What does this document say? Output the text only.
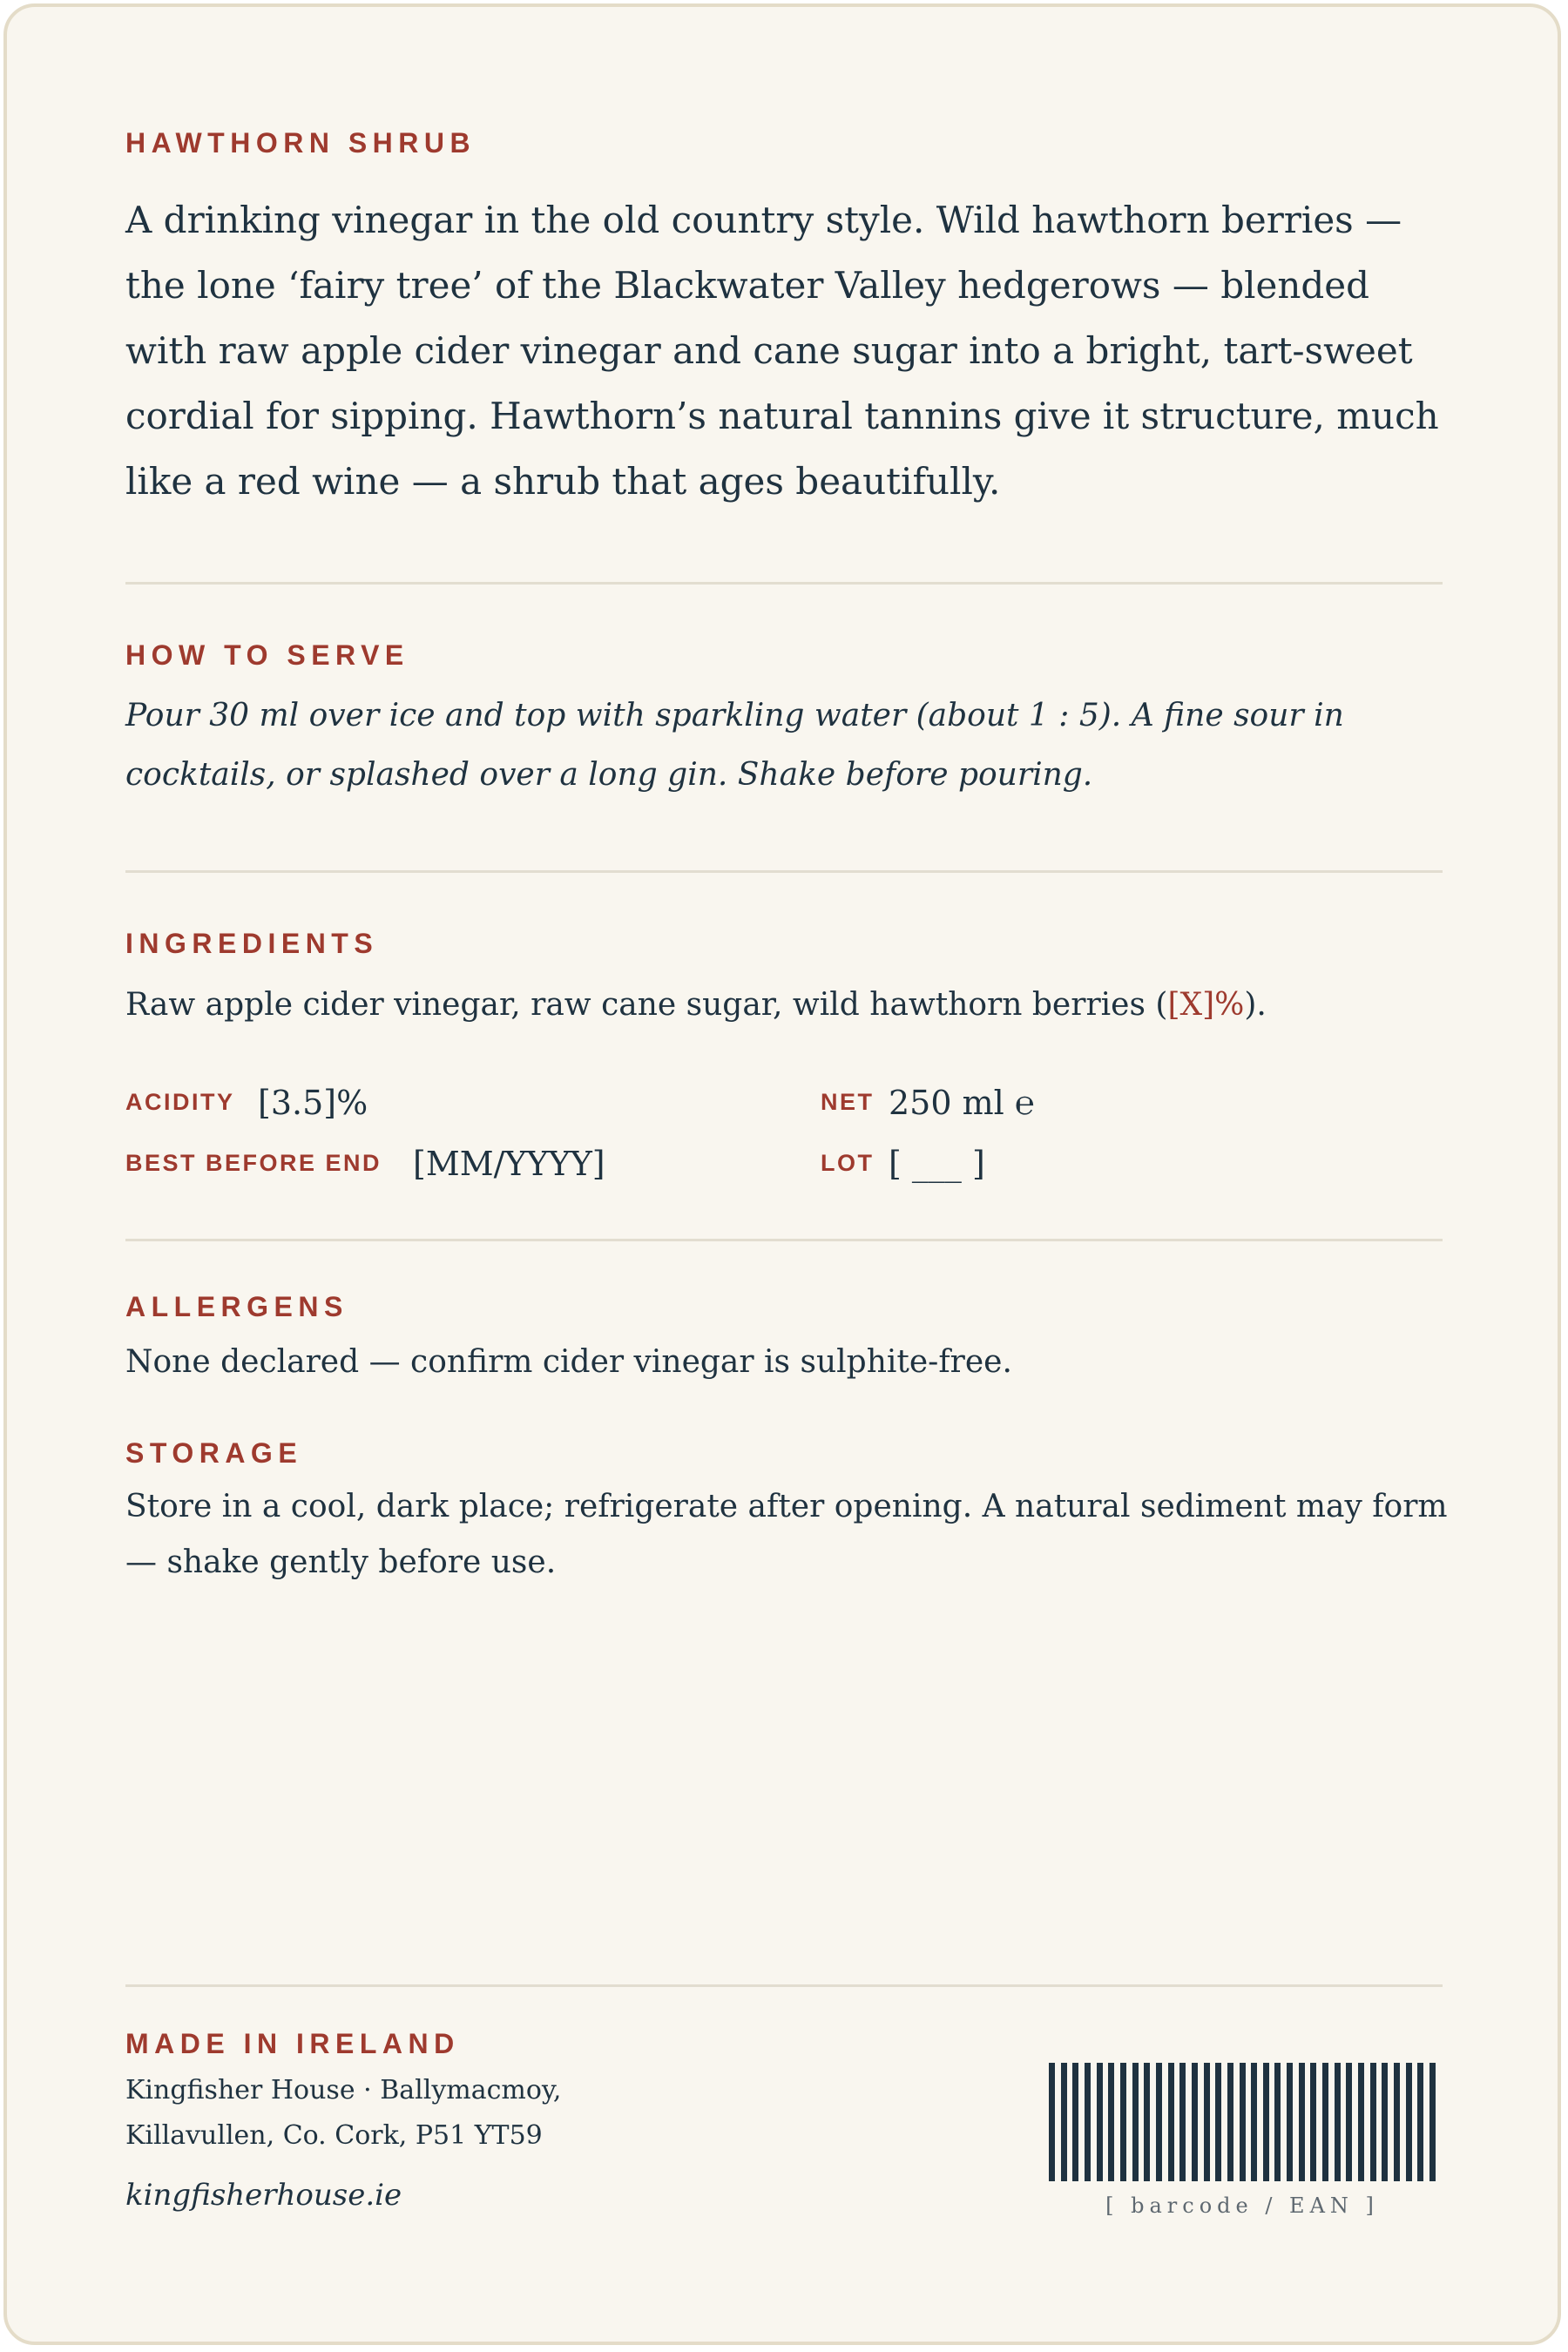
HAWTHORN SHRUB
A drinking vinegar in the old country style. Wild hawthorn berries — the lone ‘fairy tree’ of the Blackwater Valley hedgerows — blended with raw apple cider vinegar and cane sugar into a bright, tart-sweet cordial for sipping. Hawthorn’s natural tannins give it structure, much like a red wine — a shrub that ages beautifully.
HOW TO SERVE
Pour 30 ml over ice and top with sparkling water (about 1 : 5). A fine sour in cocktails, or splashed over a long gin. Shake before pouring.
INGREDIENTS
Raw apple cider vinegar, raw cane sugar, wild hawthorn berries ([X]%).
ACIDITY [3.5]%	NET 250 ml ℮
BEST BEFORE END [MM/YYYY]	LOT [ ___ ]
ALLERGENS
None declared — confirm cider vinegar is sulphite-free.
STORAGE
Store in a cool, dark place; refrigerate after opening. A natural sediment may form — shake gently before use.
MADE IN IRELAND
Kingfisher House · Ballymacmoy,
Killavullen, Co. Cork, P51 YT59
kingfisherhouse.ie	[ barcode / EAN ]
